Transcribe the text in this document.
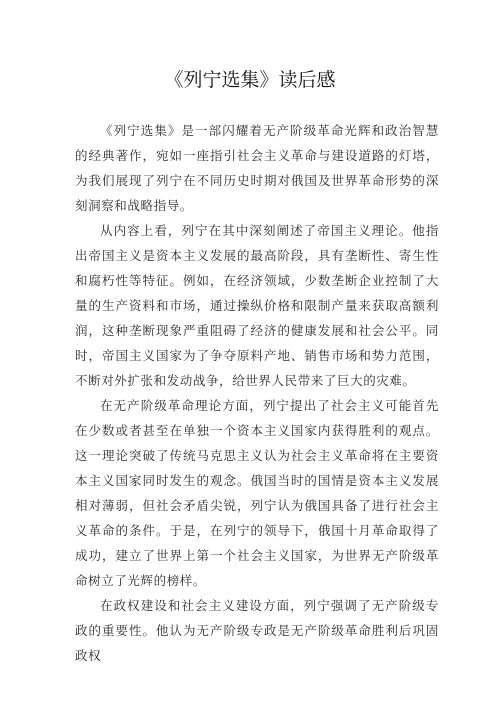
《列宁选集》读后感

《列宁选集》是一部闪耀着无产阶级革命光辉和政治智慧的经典著作，宛如一座指引社会主义革命与建设道路的灯塔，为我们展现了列宁在不同历史时期对俄国及世界革命形势的深刻洞察和战略指导。

从内容上看，列宁在其中深刻阐述了帝国主义理论。他指出帝国主义是资本主义发展的最高阶段，具有垄断性、寄生性和腐朽性等特征。例如，在经济领域，少数垄断企业控制了大量的生产资料和市场，通过操纵价格和限制产量来获取高额利润，这种垄断现象严重阻碍了经济的健康发展和社会公平。同时，帝国主义国家为了争夺原料产地、销售市场和势力范围，不断对外扩张和发动战争，给世界人民带来了巨大的灾难。

在无产阶级革命理论方面，列宁提出了社会主义可能首先在少数或者甚至在单独一个资本主义国家内获得胜利的观点。这一理论突破了传统马克思主义认为社会主义革命将在主要资本主义国家同时发生的观念。俄国当时的国情是资本主义发展相对薄弱，但社会矛盾尖锐，列宁认为俄国具备了进行社会主义革命的条件。于是，在列宁的领导下，俄国十月革命取得了成功，建立了世界上第一个社会主义国家，为世界无产阶级革命树立了光辉的榜样。

在政权建设和社会主义建设方面，列宁强调了无产阶级专政的重要性。他认为无产阶级专政是无产阶级革命胜利后巩固政权
